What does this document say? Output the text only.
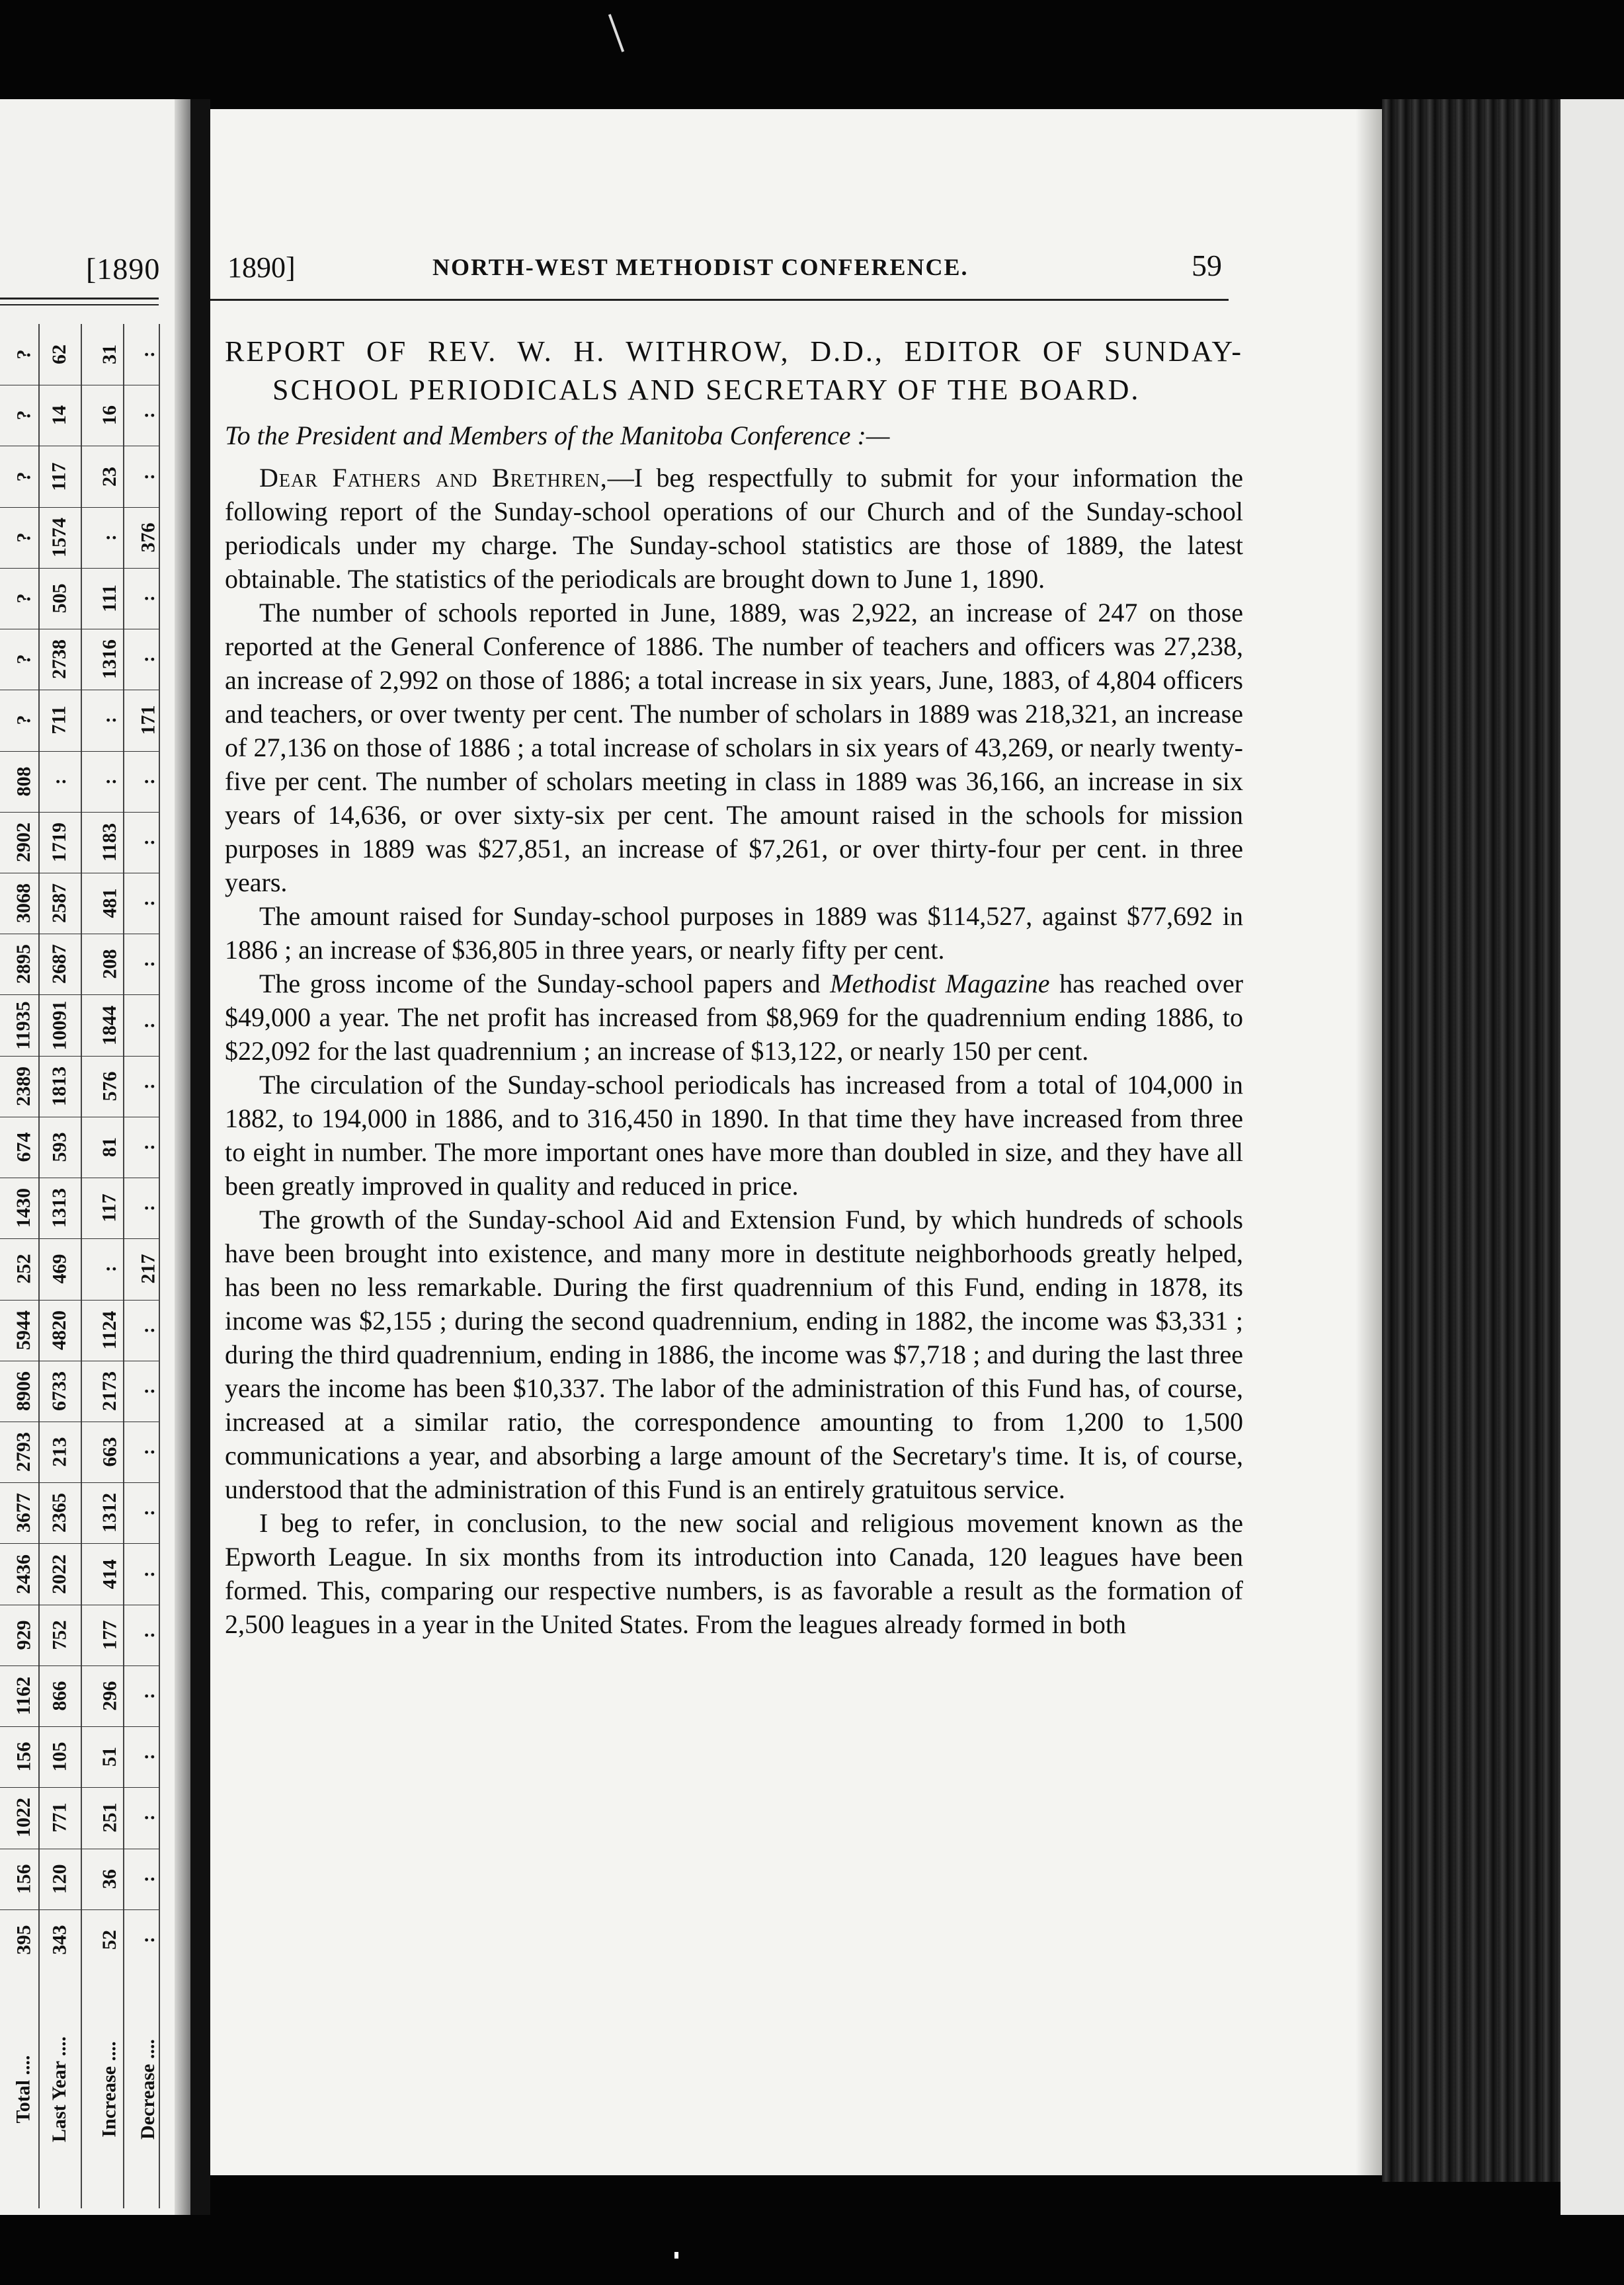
[1890
? 62 31 :
? 14 16 :
? 117 23 :
? 1574 : 376
? 505 111 :
? 2738 1316 :
? 711 : 171
808 : : :
2902 1719 1183 :
3068 2587 481 :
2895 2687 208 :
11935 10091 1844 :
2389 1813 576 :
674 593 81 :
1430 1313 117 :
252 469 : 217
5944 4820 1124 :
8906 6733 2173 :
2793 213 663 :
3677 2365 1312 :
2436 2022 414 :
929 752 177 :
1162 866 296 :
156 105 51 :
1022 771 251 :
156 120 36 :
395 343 52 :
Total .... Last Year .... Increase .... Decrease ....
1890]	NORTH-WEST METHODIST CONFERENCE.	59
REPORT OF REV. W. H. WITHROW, D.D., EDITOR OF SUNDAY-SCHOOL PERIODICALS AND SECRETARY OF THE BOARD.

To the President and Members of the Manitoba Conference :—

Dear Fathers and Brethren,—I beg respectfully to submit for your information the following report of the Sunday-school operations of our Church and of the Sunday-school periodicals under my charge. The Sunday-school statistics are those of 1889, the latest obtainable. The statistics of the periodicals are brought down to June 1, 1890.

The number of schools reported in June, 1889, was 2,922, an increase of 247 on those reported at the General Conference of 1886. The number of teachers and officers was 27,238, an increase of 2,992 on those of 1886; a total increase in six years, June, 1883, of 4,804 officers and teachers, or over twenty per cent. The number of scholars in 1889 was 218,321, an increase of 27,136 on those of 1886 ; a total increase of scholars in six years of 43,269, or nearly twenty-five per cent. The number of scholars meeting in class in 1889 was 36,166, an increase in six years of 14,636, or over sixty-six per cent. The amount raised in the schools for mission purposes in 1889 was $27,851, an increase of $7,261, or over thirty-four per cent. in three years.

The amount raised for Sunday-school purposes in 1889 was $114,527, against $77,692 in 1886 ; an increase of $36,805 in three years, or nearly fifty per cent.

The gross income of the Sunday-school papers and Methodist Magazine has reached over $49,000 a year. The net profit has increased from $8,969 for the quadrennium ending 1886, to $22,092 for the last quadrennium ; an increase of $13,122, or nearly 150 per cent.

The circulation of the Sunday-school periodicals has increased from a total of 104,000 in 1882, to 194,000 in 1886, and to 316,450 in 1890. In that time they have increased from three to eight in number. The more important ones have more than doubled in size, and they have all been greatly improved in quality and reduced in price.

The growth of the Sunday-school Aid and Extension Fund, by which hundreds of schools have been brought into existence, and many more in destitute neighborhoods greatly helped, has been no less remarkable. During the first quadrennium of this Fund, ending in 1878, its income was $2,155 ; during the second quadrennium, ending in 1882, the income was $3,331 ; during the third quadrennium, ending in 1886, the income was $7,718 ; and during the last three years the income has been $10,337. The labor of the administration of this Fund has, of course, increased at a similar ratio, the correspondence amounting to from 1,200 to 1,500 communications a year, and absorbing a large amount of the Secretary's time. It is, of course, understood that the administration of this Fund is an entirely gratuitous service.

I beg to refer, in conclusion, to the new social and religious movement known as the Epworth League. In six months from its introduction into Canada, 120 leagues have been formed. This, comparing our respective numbers, is as favorable a result as the formation of 2,500 leagues in a year in the United States. From the leagues already formed in both
